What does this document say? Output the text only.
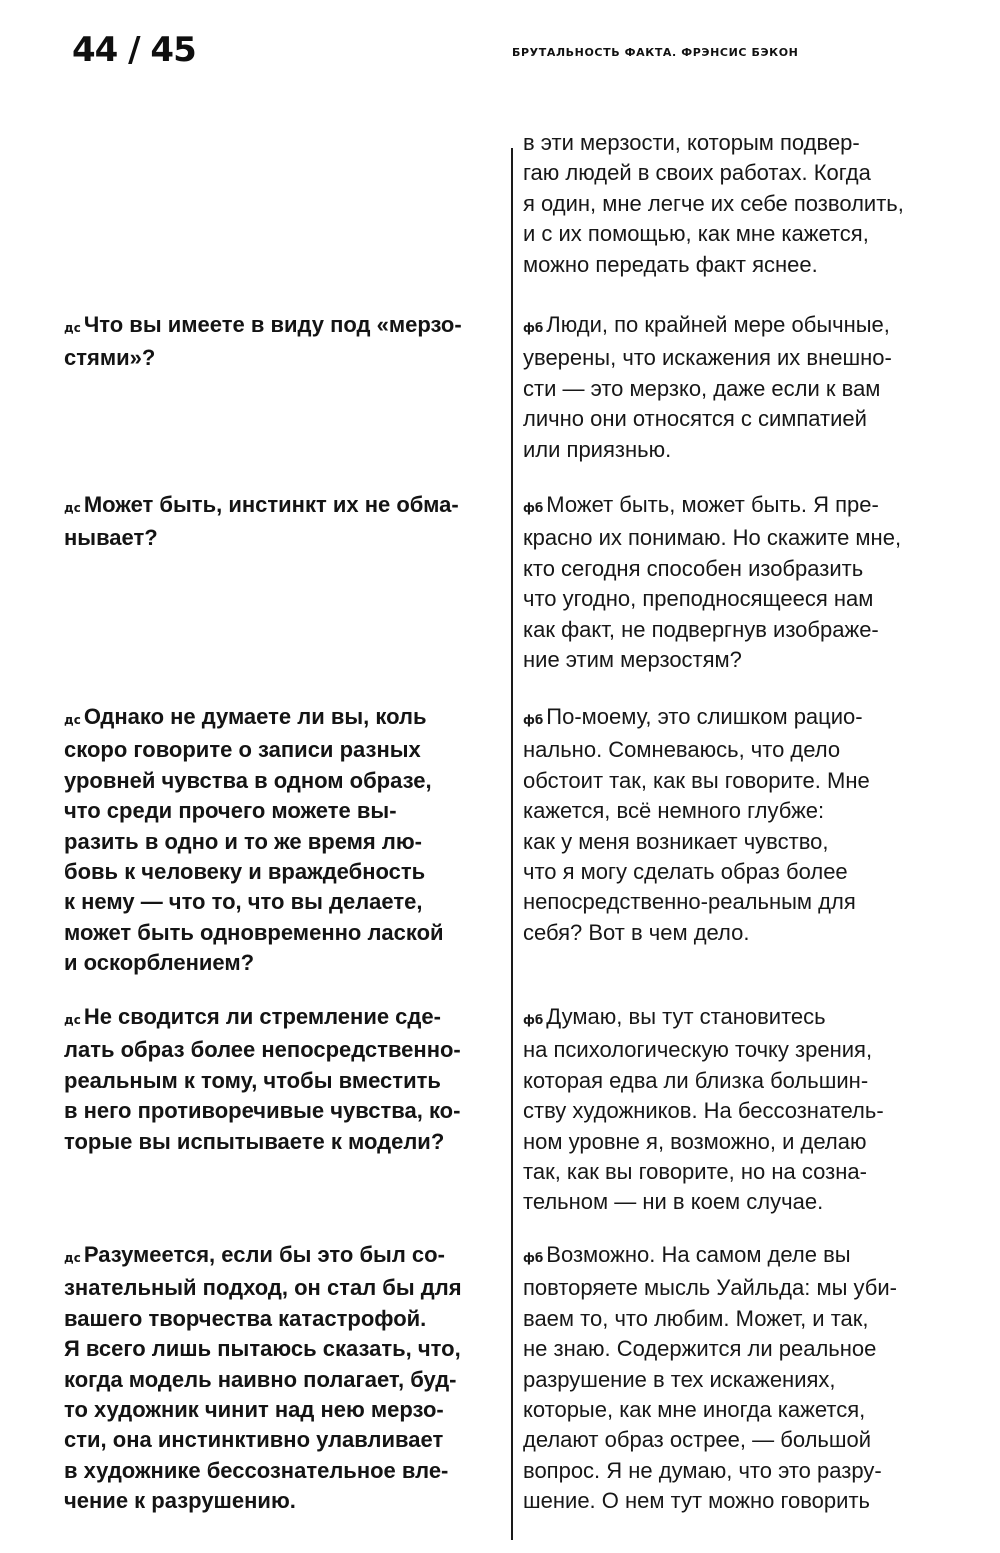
44 / 45	БРУТАЛЬНОСТЬ ФАКТА. ФРЭНСИС БЭКОН

в эти мерзости, которым подвер-
гаю людей в своих работах. Когда
я один, мне легче их себе позволить,
и с их помощью, как мне кажется,
можно передать факт яснее.

дс Что вы имеете в виду под «мерзо-
стями»?

фб Люди, по крайней мере обычные,
уверены, что искажения их внешно-
сти — это мерзко, даже если к вам
лично они относятся с симпатией
или приязнью.

дс Может быть, инстинкт их не обма-
нывает?

фб Может быть, может быть. Я пре-
красно их понимаю. Но скажите мне,
кто сегодня способен изобразить
что угодно, преподносящееся нам
как факт, не подвергнув изображе-
ние этим мерзостям?

дс Однако не думаете ли вы, коль
скоро говорите о записи разных
уровней чувства в одном образе,
что среди прочего можете вы-
разить в одно и то же время лю-
бовь к человеку и враждебность
к нему — что то, что вы делаете,
может быть одновременно лаской
и оскорблением?

фб По-моему, это слишком рацио-
нально. Сомневаюсь, что дело
обстоит так, как вы говорите. Мне
кажется, всё немного глубже:
как у меня возникает чувство,
что я могу сделать образ более
непосредственно-реальным для
себя? Вот в чем дело.

дс Не сводится ли стремление сде-
лать образ более непосредственно-
реальным к тому, чтобы вместить
в него противоречивые чувства, ко-
торые вы испытываете к модели?

фб Думаю, вы тут становитесь
на психологическую точку зрения,
которая едва ли близка большин-
ству художников. На бессознатель-
ном уровне я, возможно, и делаю
так, как вы говорите, но на созна-
тельном — ни в коем случае.

дс Разумеется, если бы это был со-
знательный подход, он стал бы для
вашего творчества катастрофой.
Я всего лишь пытаюсь сказать, что,
когда модель наивно полагает, буд-
то художник чинит над нею мерзо-
сти, она инстинктивно улавливает
в художнике бессознательное вле-
чение к разрушению.

фб Возможно. На самом деле вы
повторяете мысль Уайльда: мы уби-
ваем то, что любим. Может, и так,
не знаю. Содержится ли реальное
разрушение в тех искажениях,
которые, как мне иногда кажется,
делают образ острее, — большой
вопрос. Я не думаю, что это разру-
шение. О нем тут можно говорить
